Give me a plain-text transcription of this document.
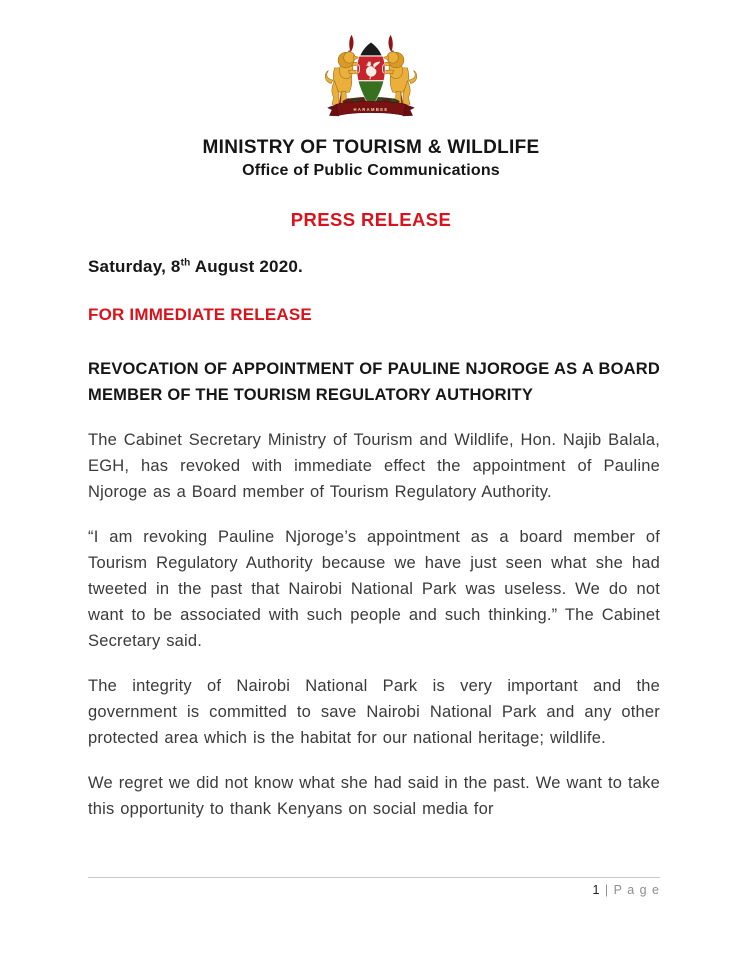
HARAMBEE
MINISTRY OF TOURISM & WILDLIFE
Office of Public Communications
PRESS RELEASE
Saturday, 8th August 2020.
FOR IMMEDIATE RELEASE
REVOCATION OF APPOINTMENT OF PAULINE NJOROGE AS A BOARD MEMBER OF THE TOURISM REGULATORY AUTHORITY

The Cabinet Secretary Ministry of Tourism and Wildlife, Hon. Najib Balala, EGH, has revoked with immediate effect the appointment of Pauline Njoroge as a Board member of Tourism Regulatory Authority.

“I am revoking Pauline Njoroge’s appointment as a board member of Tourism Regulatory Authority because we have just seen what she had tweeted in the past that Nairobi National Park was useless. We do not want to be associated with such people and such thinking.” The Cabinet Secretary said.

The integrity of Nairobi National Park is very important and the government is committed to save Nairobi National Park and any other protected area which is the habitat for our national heritage; wildlife.

We regret we did not know what she had said in the past. We want to take this opportunity to thank Kenyans on social media for

1 | P a g e
